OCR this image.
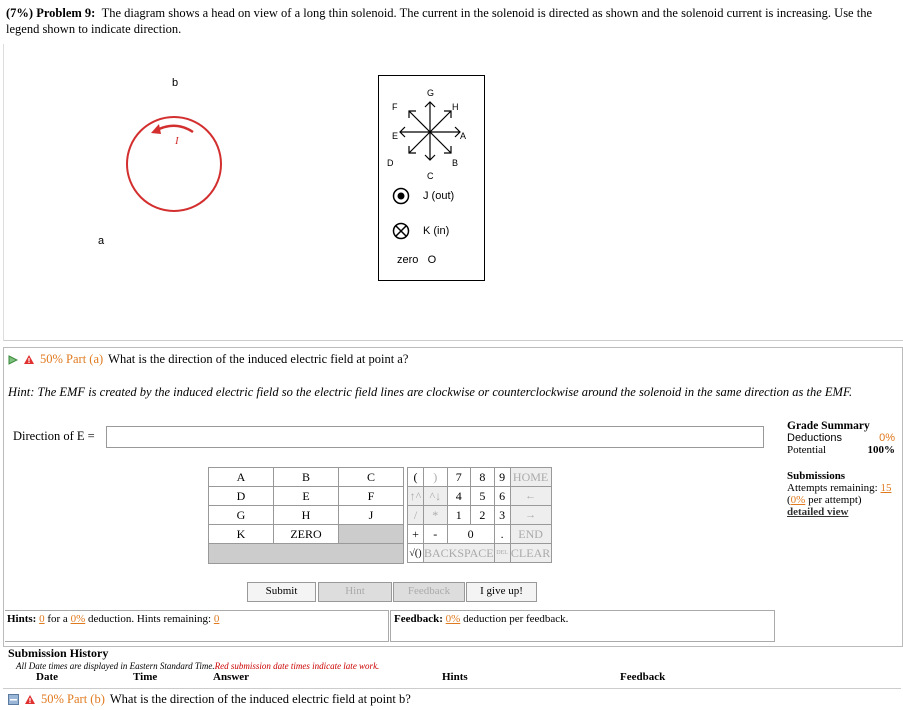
(7%) Problem 9: The diagram shows a head on view of a long thin solenoid. The current in the solenoid is directed as shown and the solenoid current is increasing. Use the legend shown to indicate direction.
b
a
I
G
H
A
B
C
D
E
F
J (out)
K (in)
zero O
50% Part (a) What is the direction of the induced electric field at point a?
Hint: The EMF is created by the induced electric field so the electric field lines are clockwise or counterclockwise around the solenoid in the same direction as the EMF.
Direction of E =
Grade Summary
Deductions	0%
Potential	100%
Submissions
Attempts remaining: 15
(0% per attempt)
detailed view
A	B	C
D	E	F
G	H	J
K	ZERO	

(	)	7	8	9	HOME
↑^	^↓	4	5	6	←
/	*	1	2	3	→
+	-	0		.	END
√()	BACKSPACE			DEL	CLEAR
Submit	Hint	Feedback	I give up!
Hints: 0 for a 0% deduction. Hints remaining: 0	Feedback: 0% deduction per feedback.
Submission History
All Date times are displayed in Eastern Standard Time.Red submission date times indicate late work.
Date	Time	Answer	Hints	Feedback
50% Part (b) What is the direction of the induced electric field at point b?
